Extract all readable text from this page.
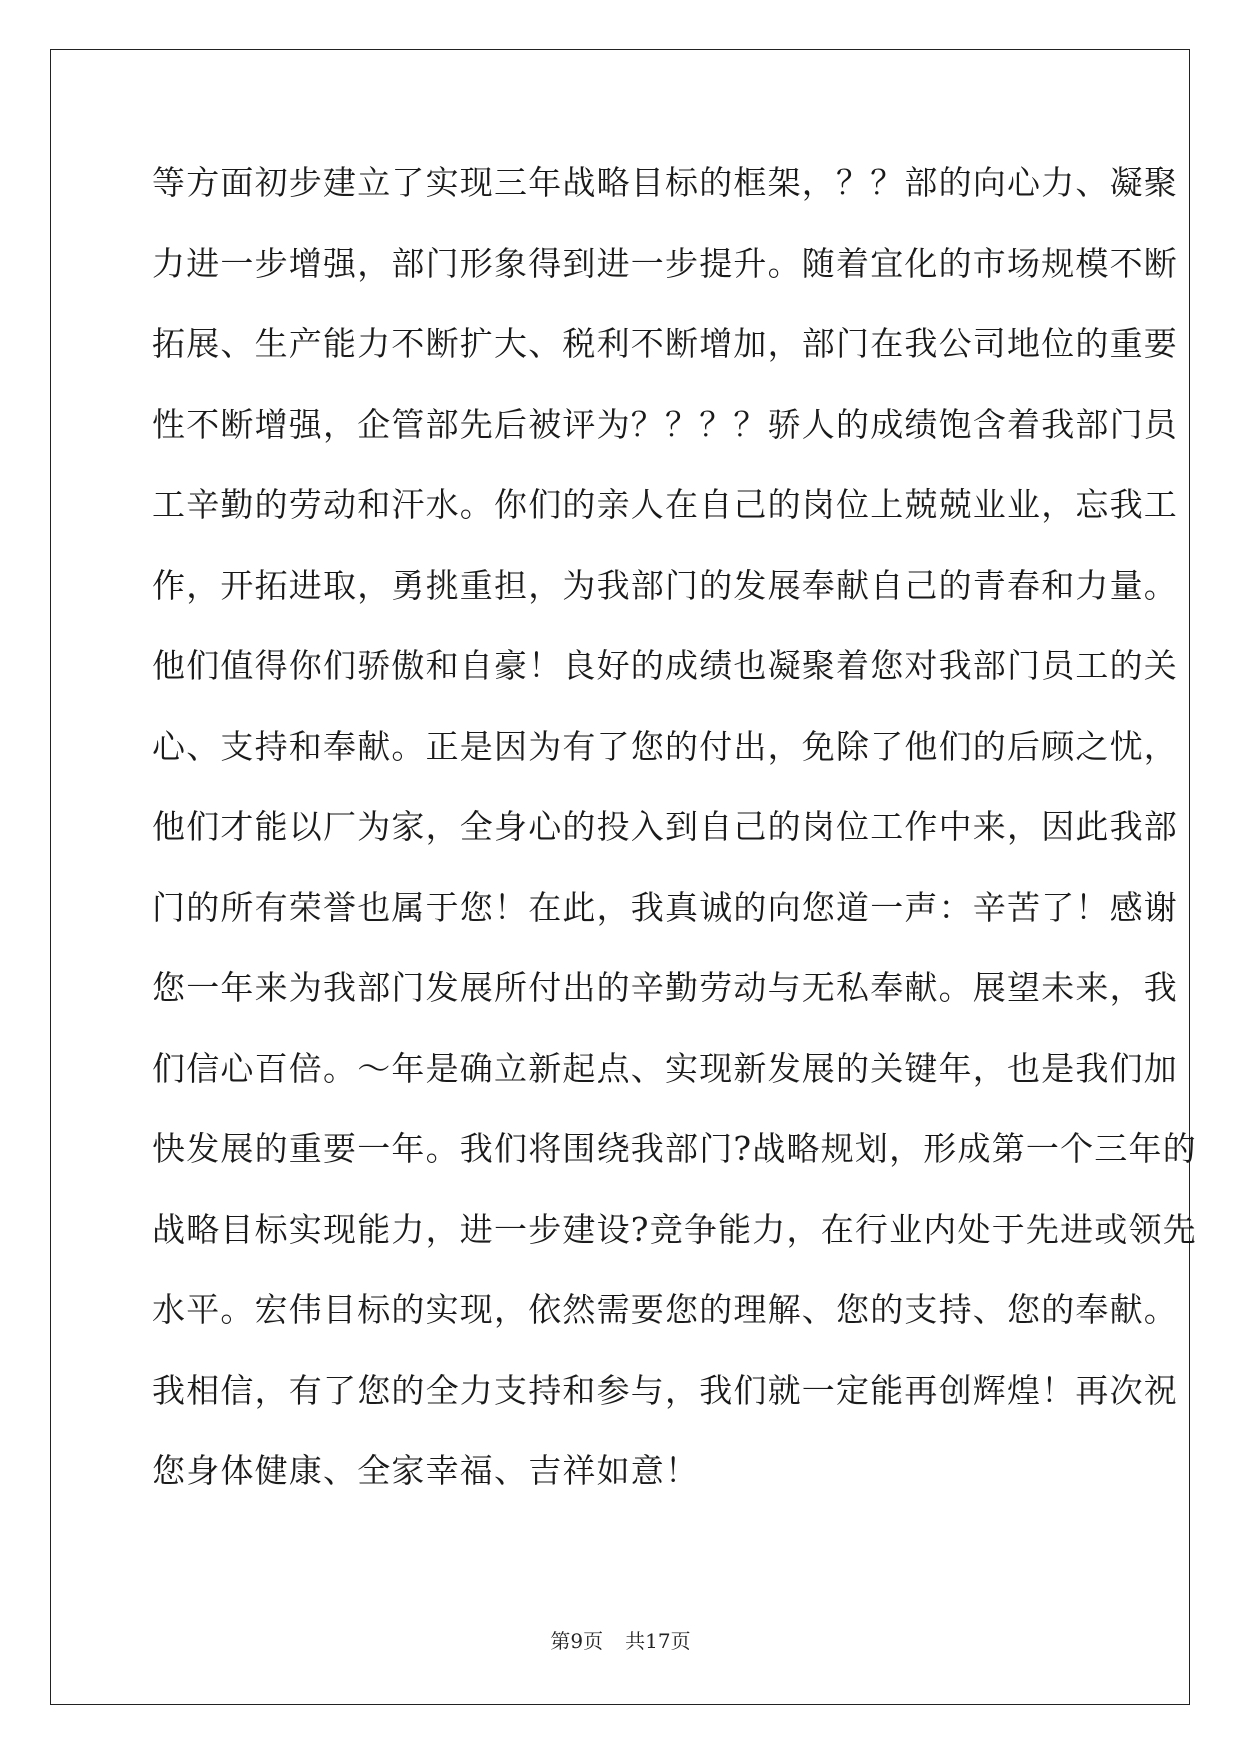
等方面初步建立了实现三年战略目标的框架，？？部的向心力、凝聚
力进一步增强，部门形象得到进一步提升。随着宜化的市场规模不断
拓展、生产能力不断扩大、税利不断增加，部门在我公司地位的重要
性不断增强，企管部先后被评为？？？？骄人的成绩饱含着我部门员
工辛勤的劳动和汗水。你们的亲人在自己的岗位上兢兢业业，忘我工
作，开拓进取，勇挑重担，为我部门的发展奉献自己的青春和力量。
他们值得你们骄傲和自豪！良好的成绩也凝聚着您对我部门员工的关
心、支持和奉献。正是因为有了您的付出，免除了他们的后顾之忧，
他们才能以厂为家，全身心的投入到自己的岗位工作中来，因此我部
门的所有荣誉也属于您！在此，我真诚的向您道一声：辛苦了！感谢
您一年来为我部门发展所付出的辛勤劳动与无私奉献。展望未来，我
们信心百倍。～年是确立新起点、实现新发展的关键年，也是我们加
快发展的重要一年。我们将围绕我部门?战略规划，形成第一个三年的
战略目标实现能力，进一步建设?竞争能力，在行业内处于先进或领先
水平。宏伟目标的实现，依然需要您的理解、您的支持、您的奉献。
我相信，有了您的全力支持和参与，我们就一定能再创辉煌！再次祝
您身体健康、全家幸福、吉祥如意！
第9页 共17页
